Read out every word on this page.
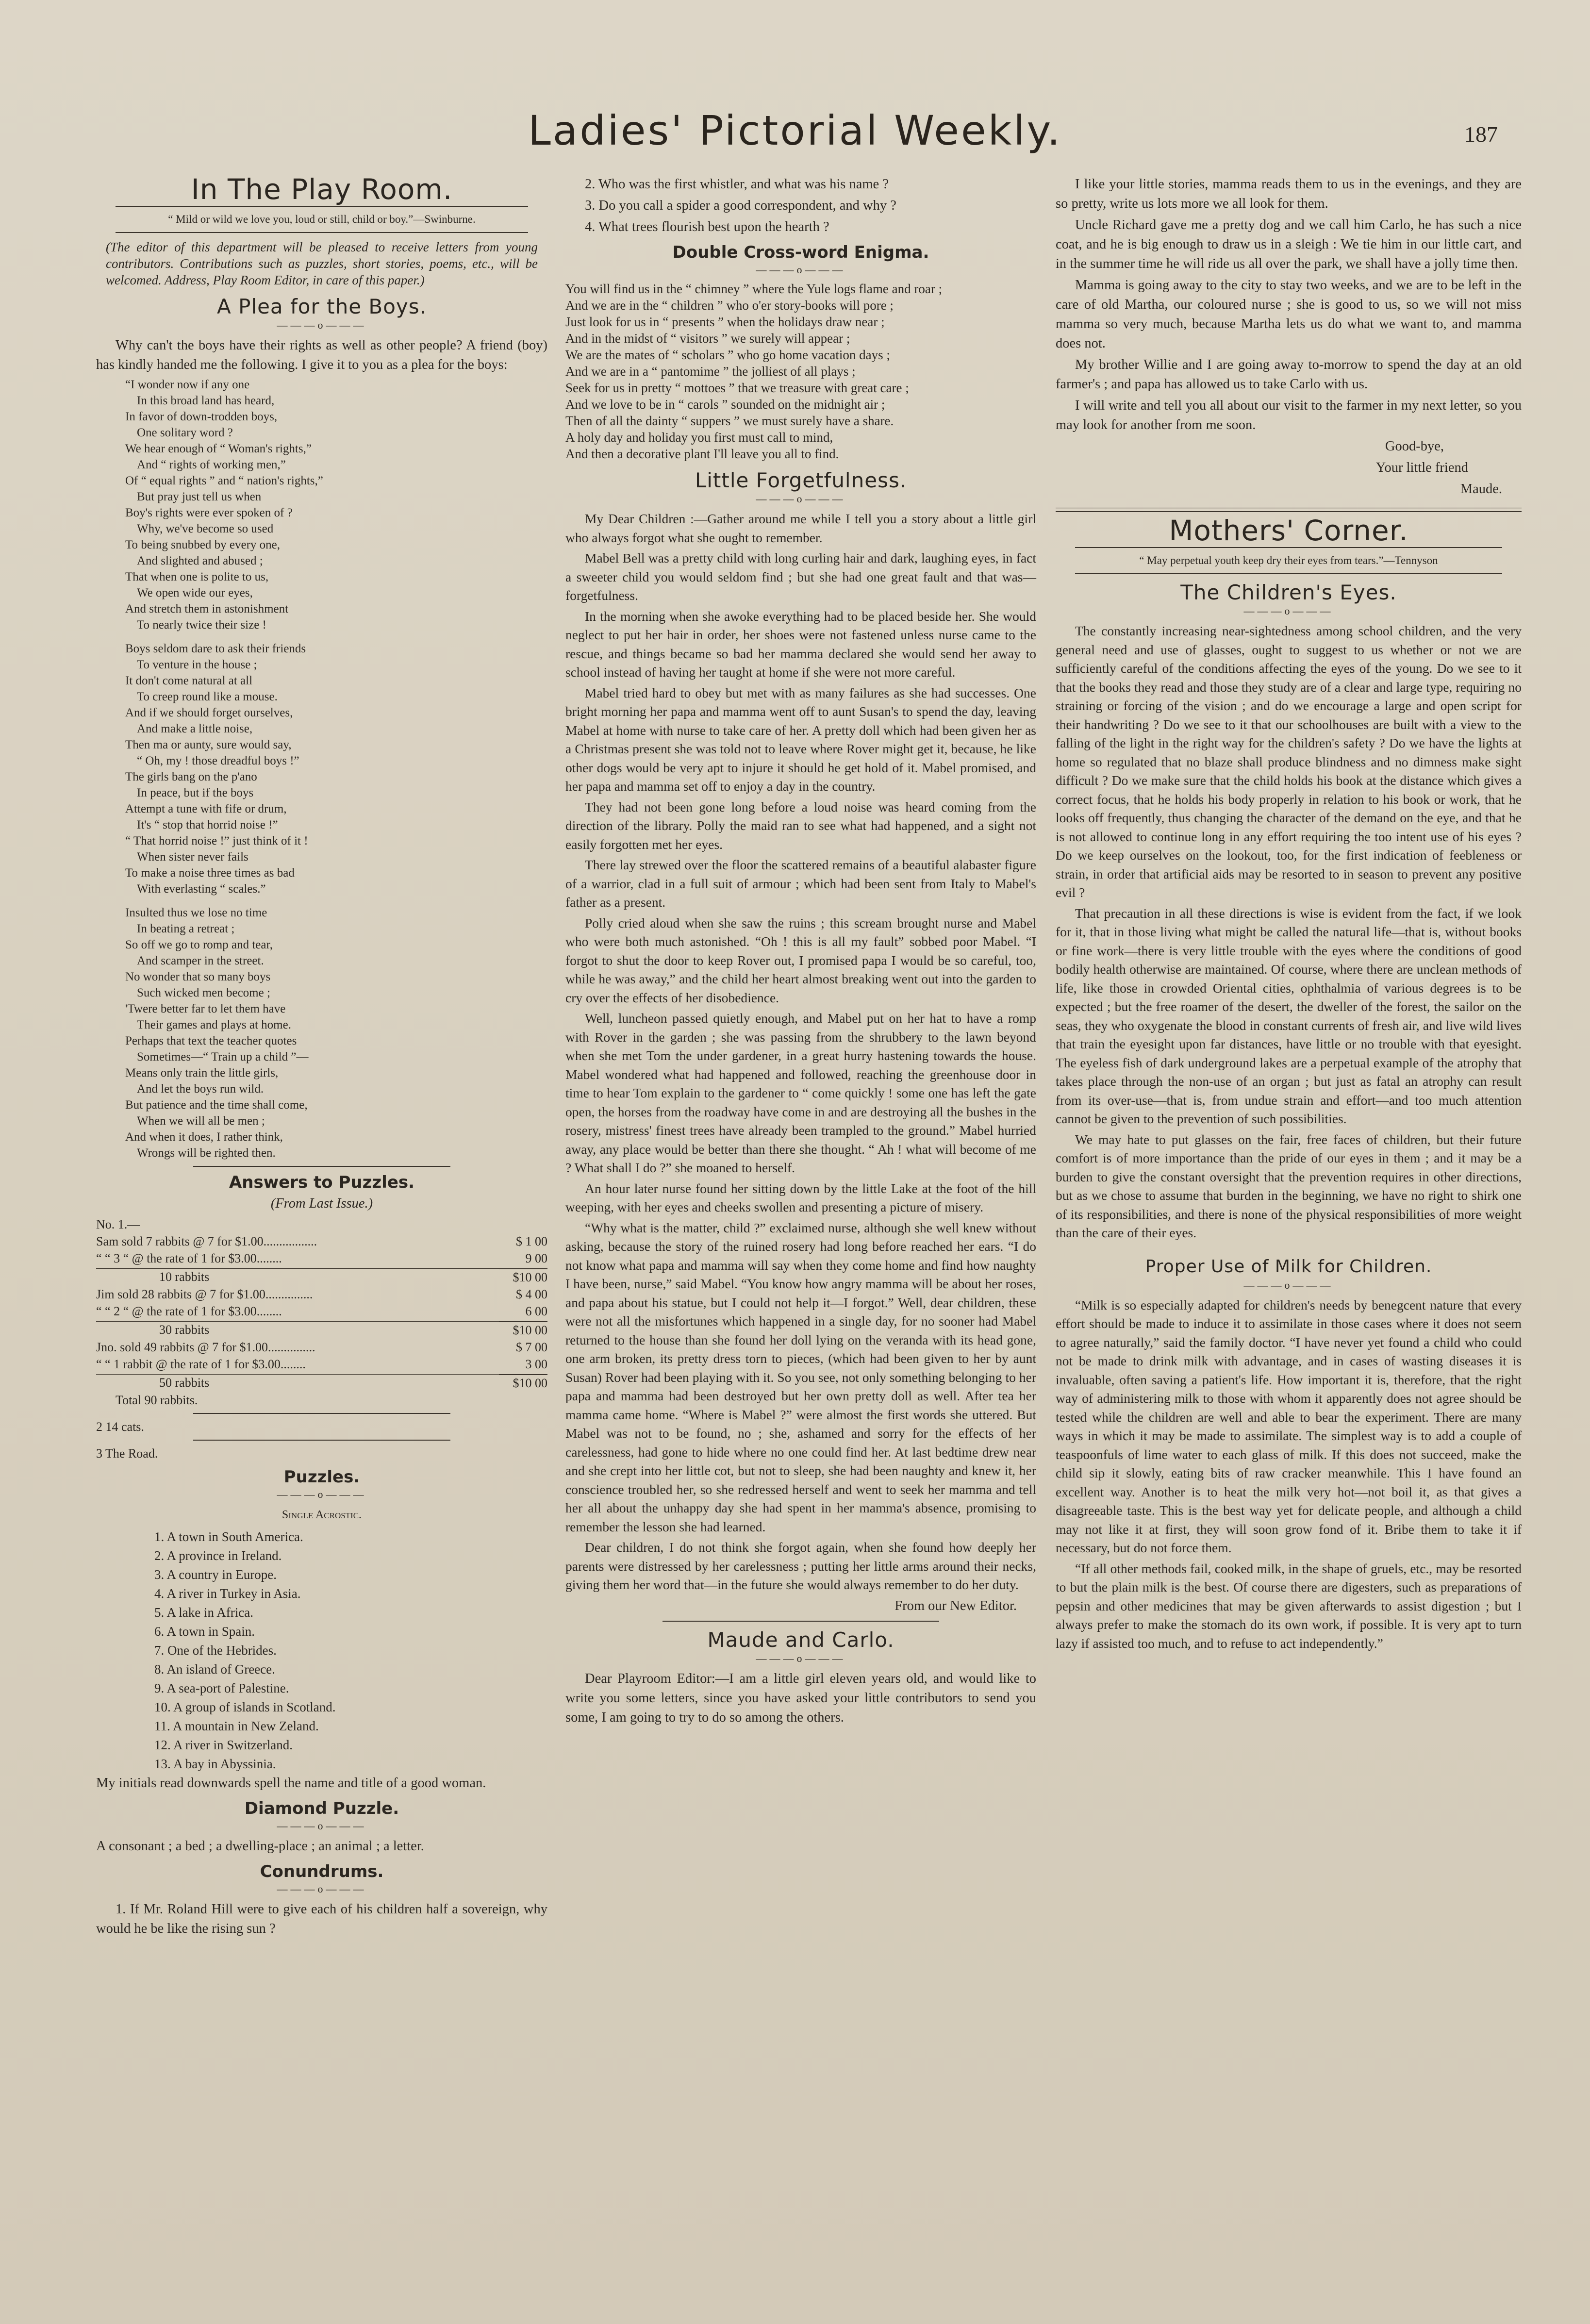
Ladies' Pictorial Weekly.	187
In The Play Room.
“ Mild or wild we love you, loud or still, child or boy.”—Swinburne.

(The editor of this department will be pleased to receive letters from young contributors. Contributions such as puzzles, short stories, poems, etc., will be welcomed. Address, Play Room Editor, in care of this paper.)

A Plea for the Boys.
———o———

Why can't the boys have their rights as well as other people? A friend (boy) has kindly handed me the following. I give it to you as a plea for the boys:

“I wonder now if any one
In this broad land has heard,
In favor of down-trodden boys,
One solitary word ?
We hear enough of “ Woman's rights,”
And “ rights of working men,”
Of “ equal rights ” and “ nation's rights,”
But pray just tell us when
Boy's rights were ever spoken of ?
Why, we've become so used
To being snubbed by every one,
And slighted and abused ;
That when one is polite to us,
We open wide our eyes,
And stretch them in astonishment
To nearly twice their size !
Boys seldom dare to ask their friends
To venture in the house ;
It don't come natural at all
To creep round like a mouse.
And if we should forget ourselves,
And make a little noise,
Then ma or aunty, sure would say,
“ Oh, my ! those dreadful boys !”
The girls bang on the p'ano
In peace, but if the boys
Attempt a tune with fife or drum,
It's “ stop that horrid noise !”
“ That horrid noise !” just think of it !
When sister never fails
To make a noise three times as bad
With everlasting “ scales.”
Insulted thus we lose no time
In beating a retreat ;
So off we go to romp and tear,
And scamper in the street.
No wonder that so many boys
Such wicked men become ;
'Twere better far to let them have
Their games and plays at home.
Perhaps that text the teacher quotes
Sometimes—“ Train up a child ”—
Means only train the little girls,
And let the boys run wild.
But patience and the time shall come,
When we will all be men ;
And when it does, I rather think,
Wrongs will be righted then.
Answers to Puzzles.

(From Last Issue.)

No. 1.—

Sam sold 7 rabbits @ 7 for $1.00.................	$ 1 00
“ “ 3 “ @ the rate of 1 for $3.00........	9 00
10 rabbits	$10 00
Jim sold 28 rabbits @ 7 for $1.00...............	$ 4 00
“ “ 2 “ @ the rate of 1 for $3.00........	6 00
30 rabbits	$10 00
Jno. sold 49 rabbits @ 7 for $1.00...............	$ 7 00
“ “ 1 rabbit @ the rate of 1 for $3.00........	3 00
50 rabbits	$10 00

Total 90 rabbits.

2 14 cats.

3 The Road.

Puzzles.
———o———

Single Acrostic.

1. A town in South America.
2. A province in Ireland.
3. A country in Europe.
4. A river in Turkey in Asia.
5. A lake in Africa.
6. A town in Spain.
7. One of the Hebrides.
8. An island of Greece.
9. A sea-port of Palestine.
10. A group of islands in Scotland.
11. A mountain in New Zeland.
12. A river in Switzerland.
13. A bay in Abyssinia.

My initials read downwards spell the name and title of a good woman.

Diamond Puzzle.
———o———

A consonant ; a bed ; a dwelling-place ; an animal ; a letter.

Conundrums.
———o———

1. If Mr. Roland Hill were to give each of his children half a sovereign, why would he be like the rising sun ?

2. Who was the first whistler, and what was his name ?

3. Do you call a spider a good correspondent, and why ?

4. What trees flourish best upon the hearth ?

Double Cross-word Enigma.
———o———
You will find us in the “ chimney ” where the Yule logs flame and roar ;
And we are in the “ children ” who o'er story-books will pore ;
Just look for us in “ presents ” when the holidays draw near ;
And in the midst of “ visitors ” we surely will appear ;
We are the mates of “ scholars ” who go home vacation days ;
And we are in a “ pantomime ” the jolliest of all plays ;
Seek for us in pretty “ mottoes ” that we treasure with great care ;
And we love to be in “ carols ” sounded on the midnight air ;
Then of all the dainty “ suppers ” we must surely have a share.
A holy day and holiday you first must call to mind,
And then a decorative plant I'll leave you all to find.
Little Forgetfulness.
———o———

My Dear Children :—Gather around me while I tell you a story about a little girl who always forgot what she ought to remember.

Mabel Bell was a pretty child with long curling hair and dark, laughing eyes, in fact a sweeter child you would seldom find ; but she had one great fault and that was—forgetfulness.

In the morning when she awoke everything had to be placed beside her. She would neglect to put her hair in order, her shoes were not fastened unless nurse came to the rescue, and things became so bad her mamma declared she would send her away to school instead of having her taught at home if she were not more careful.

Mabel tried hard to obey but met with as many failures as she had successes. One bright morning her papa and mamma went off to aunt Susan's to spend the day, leaving Mabel at home with nurse to take care of her. A pretty doll which had been given her as a Christmas present she was told not to leave where Rover might get it, because, he like other dogs would be very apt to injure it should he get hold of it. Mabel promised, and her papa and mamma set off to enjoy a day in the country.

They had not been gone long before a loud noise was heard coming from the direction of the library. Polly the maid ran to see what had happened, and a sight not easily forgotten met her eyes.

There lay strewed over the floor the scattered remains of a beautiful alabaster figure of a warrior, clad in a full suit of armour ; which had been sent from Italy to Mabel's father as a present.

Polly cried aloud when she saw the ruins ; this scream brought nurse and Mabel who were both much astonished. “Oh ! this is all my fault” sobbed poor Mabel. “I forgot to shut the door to keep Rover out, I promised papa I would be so careful, too, while he was away,” and the child her heart almost breaking went out into the garden to cry over the effects of her disobedience.

Well, luncheon passed quietly enough, and Mabel put on her hat to have a romp with Rover in the garden ; she was passing from the shrubbery to the lawn beyond when she met Tom the under gardener, in a great hurry hastening towards the house. Mabel wondered what had happened and followed, reaching the greenhouse door in time to hear Tom explain to the gardener to “ come quickly ! some one has left the gate open, the horses from the roadway have come in and are destroying all the bushes in the rosery, mistress' finest trees have already been trampled to the ground.” Mabel hurried away, any place would be better than there she thought. “ Ah ! what will become of me ? What shall I do ?” she moaned to herself.

An hour later nurse found her sitting down by the little Lake at the foot of the hill weeping, with her eyes and cheeks swollen and presenting a picture of misery.

“Why what is the matter, child ?” exclaimed nurse, although she well knew without asking, because the story of the ruined rosery had long before reached her ears. “I do not know what papa and mamma will say when they come home and find how naughty I have been, nurse,” said Mabel. “You know how angry mamma will be about her roses, and papa about his statue, but I could not help it—I forgot.” Well, dear children, these were not all the misfortunes which happened in a single day, for no sooner had Mabel returned to the house than she found her doll lying on the veranda with its head gone, one arm broken, its pretty dress torn to pieces, (which had been given to her by aunt Susan) Rover had been playing with it. So you see, not only something belonging to her papa and mamma had been destroyed but her own pretty doll as well. After tea her mamma came home. “Where is Mabel ?” were almost the first words she uttered. But Mabel was not to be found, no ; she, ashamed and sorry for the effects of her carelessness, had gone to hide where no one could find her. At last bedtime drew near and she crept into her little cot, but not to sleep, she had been naughty and knew it, her conscience troubled her, so she redressed herself and went to seek her mamma and tell her all about the unhappy day she had spent in her mamma's absence, promising to remember the lesson she had learned.

Dear children, I do not think she forgot again, when she found how deeply her parents were distressed by her carelessness ; putting her little arms around their necks, giving them her word that—in the future she would always remember to do her duty.

From our New Editor.

Maude and Carlo.
———o———

Dear Playroom Editor:—I am a little girl eleven years old, and would like to write you some letters, since you have asked your little contributors to send you some, I am going to try to do so among the others.

I like your little stories, mamma reads them to us in the evenings, and they are so pretty, write us lots more we all look for them.

Uncle Richard gave me a pretty dog and we call him Carlo, he has such a nice coat, and he is big enough to draw us in a sleigh : We tie him in our little cart, and in the summer time he will ride us all over the park, we shall have a jolly time then.

Mamma is going away to the city to stay two weeks, and we are to be left in the care of old Martha, our coloured nurse ; she is good to us, so we will not miss mamma so very much, because Martha lets us do what we want to, and mamma does not.

My brother Willie and I are going away to-morrow to spend the day at an old farmer's ; and papa has allowed us to take Carlo with us.

I will write and tell you all about our visit to the farmer in my next letter, so you may look for another from me soon.

Good-bye,

Your little friend

Maude.

Mothers' Corner.
“ May perpetual youth keep dry their eyes from tears.”—Tennyson
The Children's Eyes.
———o———

The constantly increasing near-sightedness among school children, and the very general need and use of glasses, ought to suggest to us whether or not we are sufficiently careful of the conditions affecting the eyes of the young. Do we see to it that the books they read and those they study are of a clear and large type, requiring no straining or forcing of the vision ; and do we encourage a large and open script for their handwriting ? Do we see to it that our schoolhouses are built with a view to the falling of the light in the right way for the children's safety ? Do we have the lights at home so regulated that no blaze shall produce blindness and no dimness make sight difficult ? Do we make sure that the child holds his book at the distance which gives a correct focus, that he holds his body properly in relation to his book or work, that he looks off frequently, thus changing the character of the demand on the eye, and that he is not allowed to continue long in any effort requiring the too intent use of his eyes ? Do we keep ourselves on the lookout, too, for the first indication of feebleness or strain, in order that artificial aids may be resorted to in season to prevent any positive evil ?

That precaution in all these directions is wise is evident from the fact, if we look for it, that in those living what might be called the natural life—that is, without books or fine work—there is very little trouble with the eyes where the conditions of good bodily health otherwise are maintained. Of course, where there are unclean methods of life, like those in crowded Oriental cities, ophthalmia of various degrees is to be expected ; but the free roamer of the desert, the dweller of the forest, the sailor on the seas, they who oxygenate the blood in constant currents of fresh air, and live wild lives that train the eyesight upon far distances, have little or no trouble with that eyesight. The eyeless fish of dark underground lakes are a perpetual example of the atrophy that takes place through the non-use of an organ ; but just as fatal an atrophy can result from its over-use—that is, from undue strain and effort—and too much attention cannot be given to the prevention of such possibilities.

We may hate to put glasses on the fair, free faces of children, but their future comfort is of more importance than the pride of our eyes in them ; and it may be a burden to give the constant oversight that the prevention requires in other directions, but as we chose to assume that burden in the beginning, we have no right to shirk one of its responsibilities, and there is none of the physical responsibilities of more weight than the care of their eyes.

Proper Use of Milk for Children.
———o———

“Milk is so especially adapted for children's needs by benegcent nature that every effort should be made to induce it to assimilate in those cases where it does not seem to agree naturally,” said the family doctor. “I have never yet found a child who could not be made to drink milk with advantage, and in cases of wasting diseases it is invaluable, often saving a patient's life. How important it is, therefore, that the right way of administering milk to those with whom it apparently does not agree should be tested while the children are well and able to bear the experiment. There are many ways in which it may be made to assimilate. The simplest way is to add a couple of teaspoonfuls of lime water to each glass of milk. If this does not succeed, make the child sip it slowly, eating bits of raw cracker meanwhile. This I have found an excellent way. Another is to heat the milk very hot—not boil it, as that gives a disagreeable taste. This is the best way yet for delicate people, and although a child may not like it at first, they will soon grow fond of it. Bribe them to take it if necessary, but do not force them.

“If all other methods fail, cooked milk, in the shape of gruels, etc., may be resorted to but the plain milk is the best. Of course there are digesters, such as preparations of pepsin and other medicines that may be given afterwards to assist digestion ; but I always prefer to make the stomach do its own work, if possible. It is very apt to turn lazy if assisted too much, and to refuse to act independently.”
